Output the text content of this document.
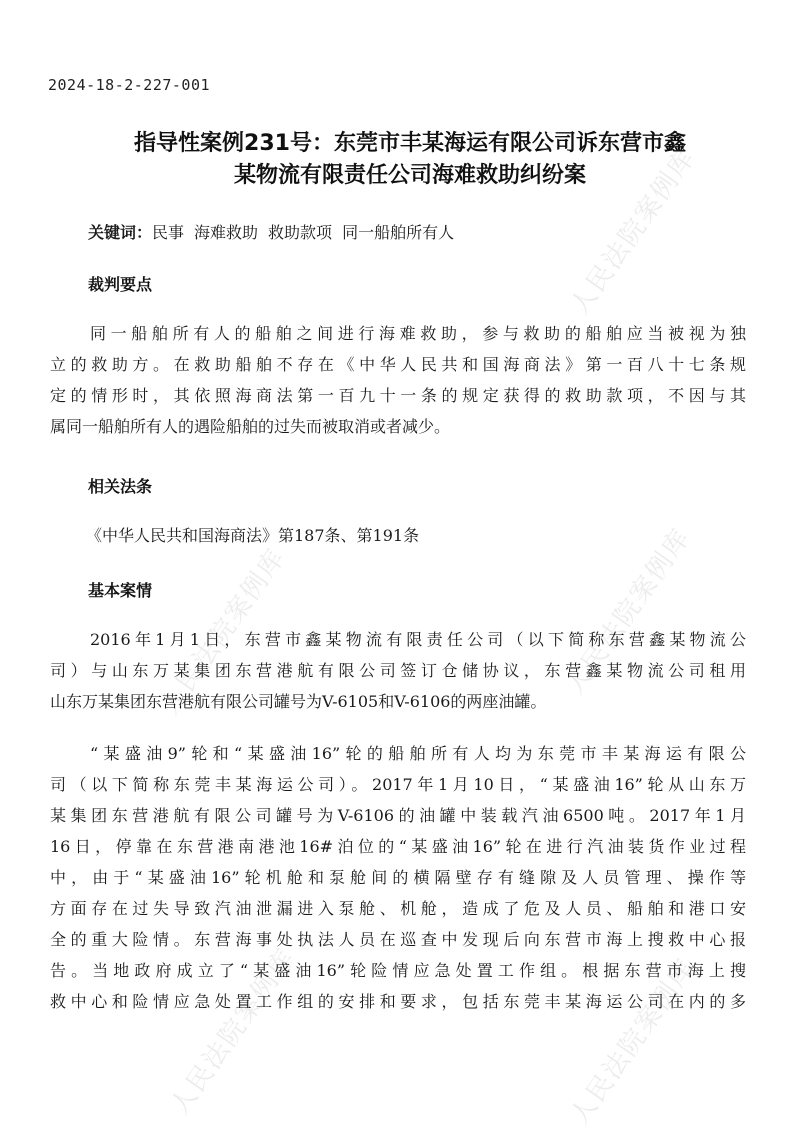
人民法院案例库
人民法院案例库
人民法院案例库	人民法院案例库
人民法院案例库
2024-18-2-227-001
指导性案例231号：东莞市丰某海运有限公司诉东营市鑫
某物流有限责任公司海难救助纠纷案
关键词：民事 海难救助 救助款项 同一船舶所有人
裁判要点
同一船舶所有人的船舶之间进行海难救助，参与救助的船舶应当被视为独
立的救助方。在救助船舶不存在《中华人民共和国海商法》第一百八十七条规
定的情形时，其依照海商法第一百九十一条的规定获得的救助款项，不因与其
属同一船舶所有人的遇险船舶的过失而被取消或者减少。
相关法条
《中华人民共和国海商法》第187条、第191条
基本案情
2016年1月1日，东营市鑫某物流有限责任公司（以下简称东营鑫某物流公
司）与山东万某集团东营港航有限公司签订仓储协议，东营鑫某物流公司租用
山东万某集团东营港航有限公司罐号为V-6105和V-6106的两座油罐。
“某盛油9”轮和“某盛油16”轮的船舶所有人均为东莞市丰某海运有限公
司（以下简称东莞丰某海运公司）。2017年1月10日，“某盛油16”轮从山东万
某集团东营港航有限公司罐号为V-6106的油罐中装载汽油6500吨。2017年1月
16日，停靠在东营港南港池16#泊位的“某盛油16”轮在进行汽油装货作业过程
中，由于“某盛油16”轮机舱和泵舱间的横隔壁存有缝隙及人员管理、操作等
方面存在过失导致汽油泄漏进入泵舱、机舱，造成了危及人员、船舶和港口安
全的重大险情。东营海事处执法人员在巡查中发现后向东营市海上搜救中心报
告。当地政府成立了“某盛油16”轮险情应急处置工作组。根据东营市海上搜
救中心和险情应急处置工作组的安排和要求，包括东莞丰某海运公司在内的多
